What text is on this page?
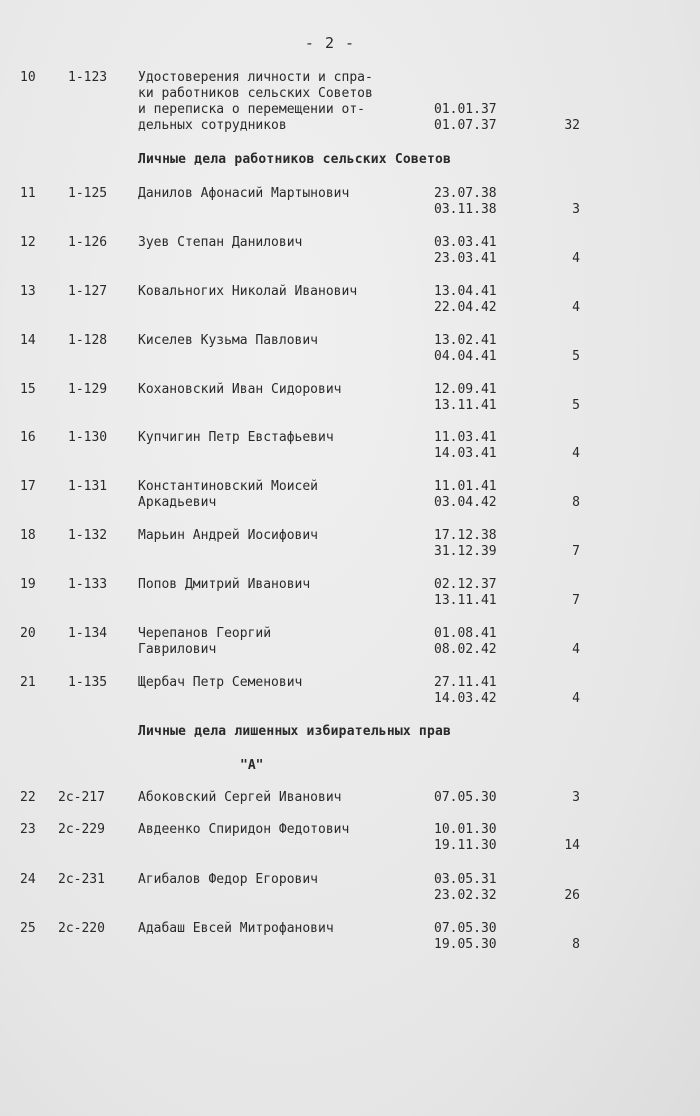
- 2 -
10 1-123 Удостоверения личности и спра-
ки работников сельских Советов
и переписка о перемещении от-
дельных сотрудников
01.01.37
01.07.37	32
Личные дела работников сельских Советов
11 1-125 Данилов Афонасий Мартынович	23.07.38
03.11.38	3
12 1-126 Зуев Степан Данилович	03.03.41
23.03.41	4
13 1-127 Ковальногих Николай Иванович	13.04.41
22.04.42	4
14 1-128 Киселев Кузьма Павлович	13.02.41
04.04.41	5
15 1-129 Кохановский Иван Сидорович	12.09.41
13.11.41	5
16 1-130 Купчигин Петр Евстафьевич	11.03.41
14.03.41	4
17 1-131 Константиновский Моисей
Аркадьевич
11.01.41
03.04.42	8
18 1-132 Марьин Андрей Иосифович	17.12.38
31.12.39	7
19 1-133 Попов Дмитрий Иванович	02.12.37
13.11.41	7
20 1-134 Черепанов Георгий
Гаврилович
01.08.41
08.02.42	4
21 1-135 Щербач Петр Семенович	27.11.41
14.03.42	4
Личные дела лишенных избирательных прав
"А"
22 2с-217	Абоковский Сергей Иванович	07.05.30	3
23 2с-229	Авдеенко Спиридон Федотович	10.01.30
19.11.30	14
24 2с-231	Агибалов Федор Егорович	03.05.31
23.02.32	26
25 2с-220	Адабаш Евсей Митрофанович	07.05.30
19.05.30	8
